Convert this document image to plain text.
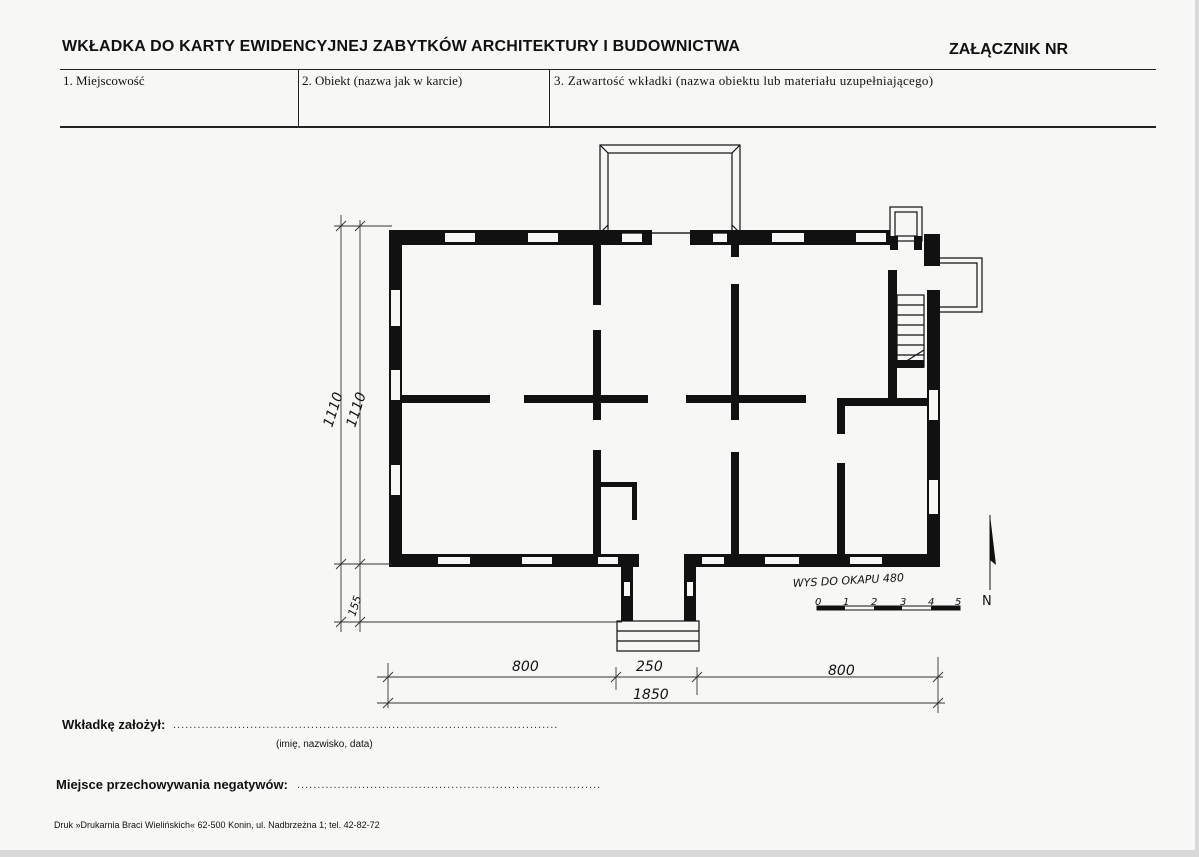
WKŁADKA DO KARTY EWIDENCYJNEJ ZABYTKÓW ARCHITEKTURY I BUDOWNICTWA	ZAŁĄCZNIK NR
1. Miejscowość	2. Obiekt (nazwa jak w karcie)	3. Zawartość wkładki (nazwa obiektu lub materiału uzupełniającego)
1110
1110
155
800	250	800
1850
WYS DO OKAPU 480
0 1 2 3 4 5 N
Wkładkę założył: ...............................................................................................
(imię, nazwisko, data)
Miejsce przechowywania negatywów: ...........................................................................
Druk »Drukarnia Braci Wielińskich« 62-500 Konin, ul. Nadbrzeżna 1; tel. 42-82-72
